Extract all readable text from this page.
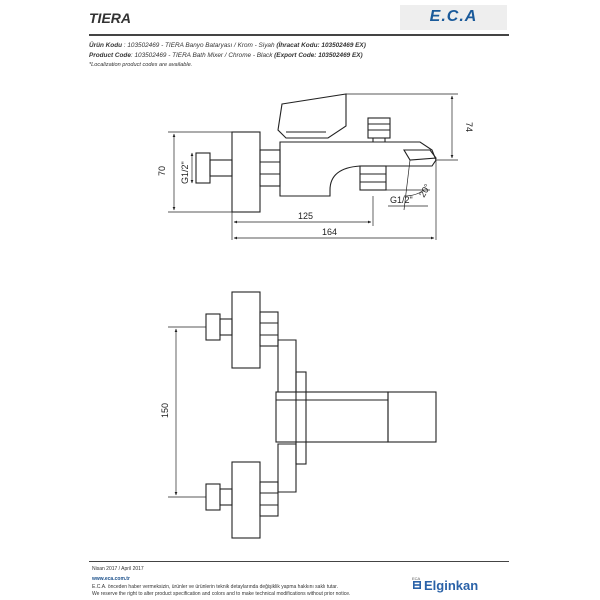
TIERA	E.C.A
Ürün Kodu : 103502469 - TIERA Banyo Bataryası / Krom - Siyah (İhracat Kodu: 103502469 EX)
Product Code: 103502469 - TIERA Bath Mixer / Chrome - Black (Export Code: 103502469 EX)
*Localization product codes are available.
70 G1/2"
125
164
74
G1/2"
20°
150
Nisan 2017 / April 2017
www.eca.com.tr
E.C.A. önceden haber vermeksizin, ürünler ve ürünlerin teknik detaylarında değişiklik yapma hakkını saklı tutar.
We reserve the right to alter product specification and colors and to make technical modifications without prior notice.
ECA Elginkan
